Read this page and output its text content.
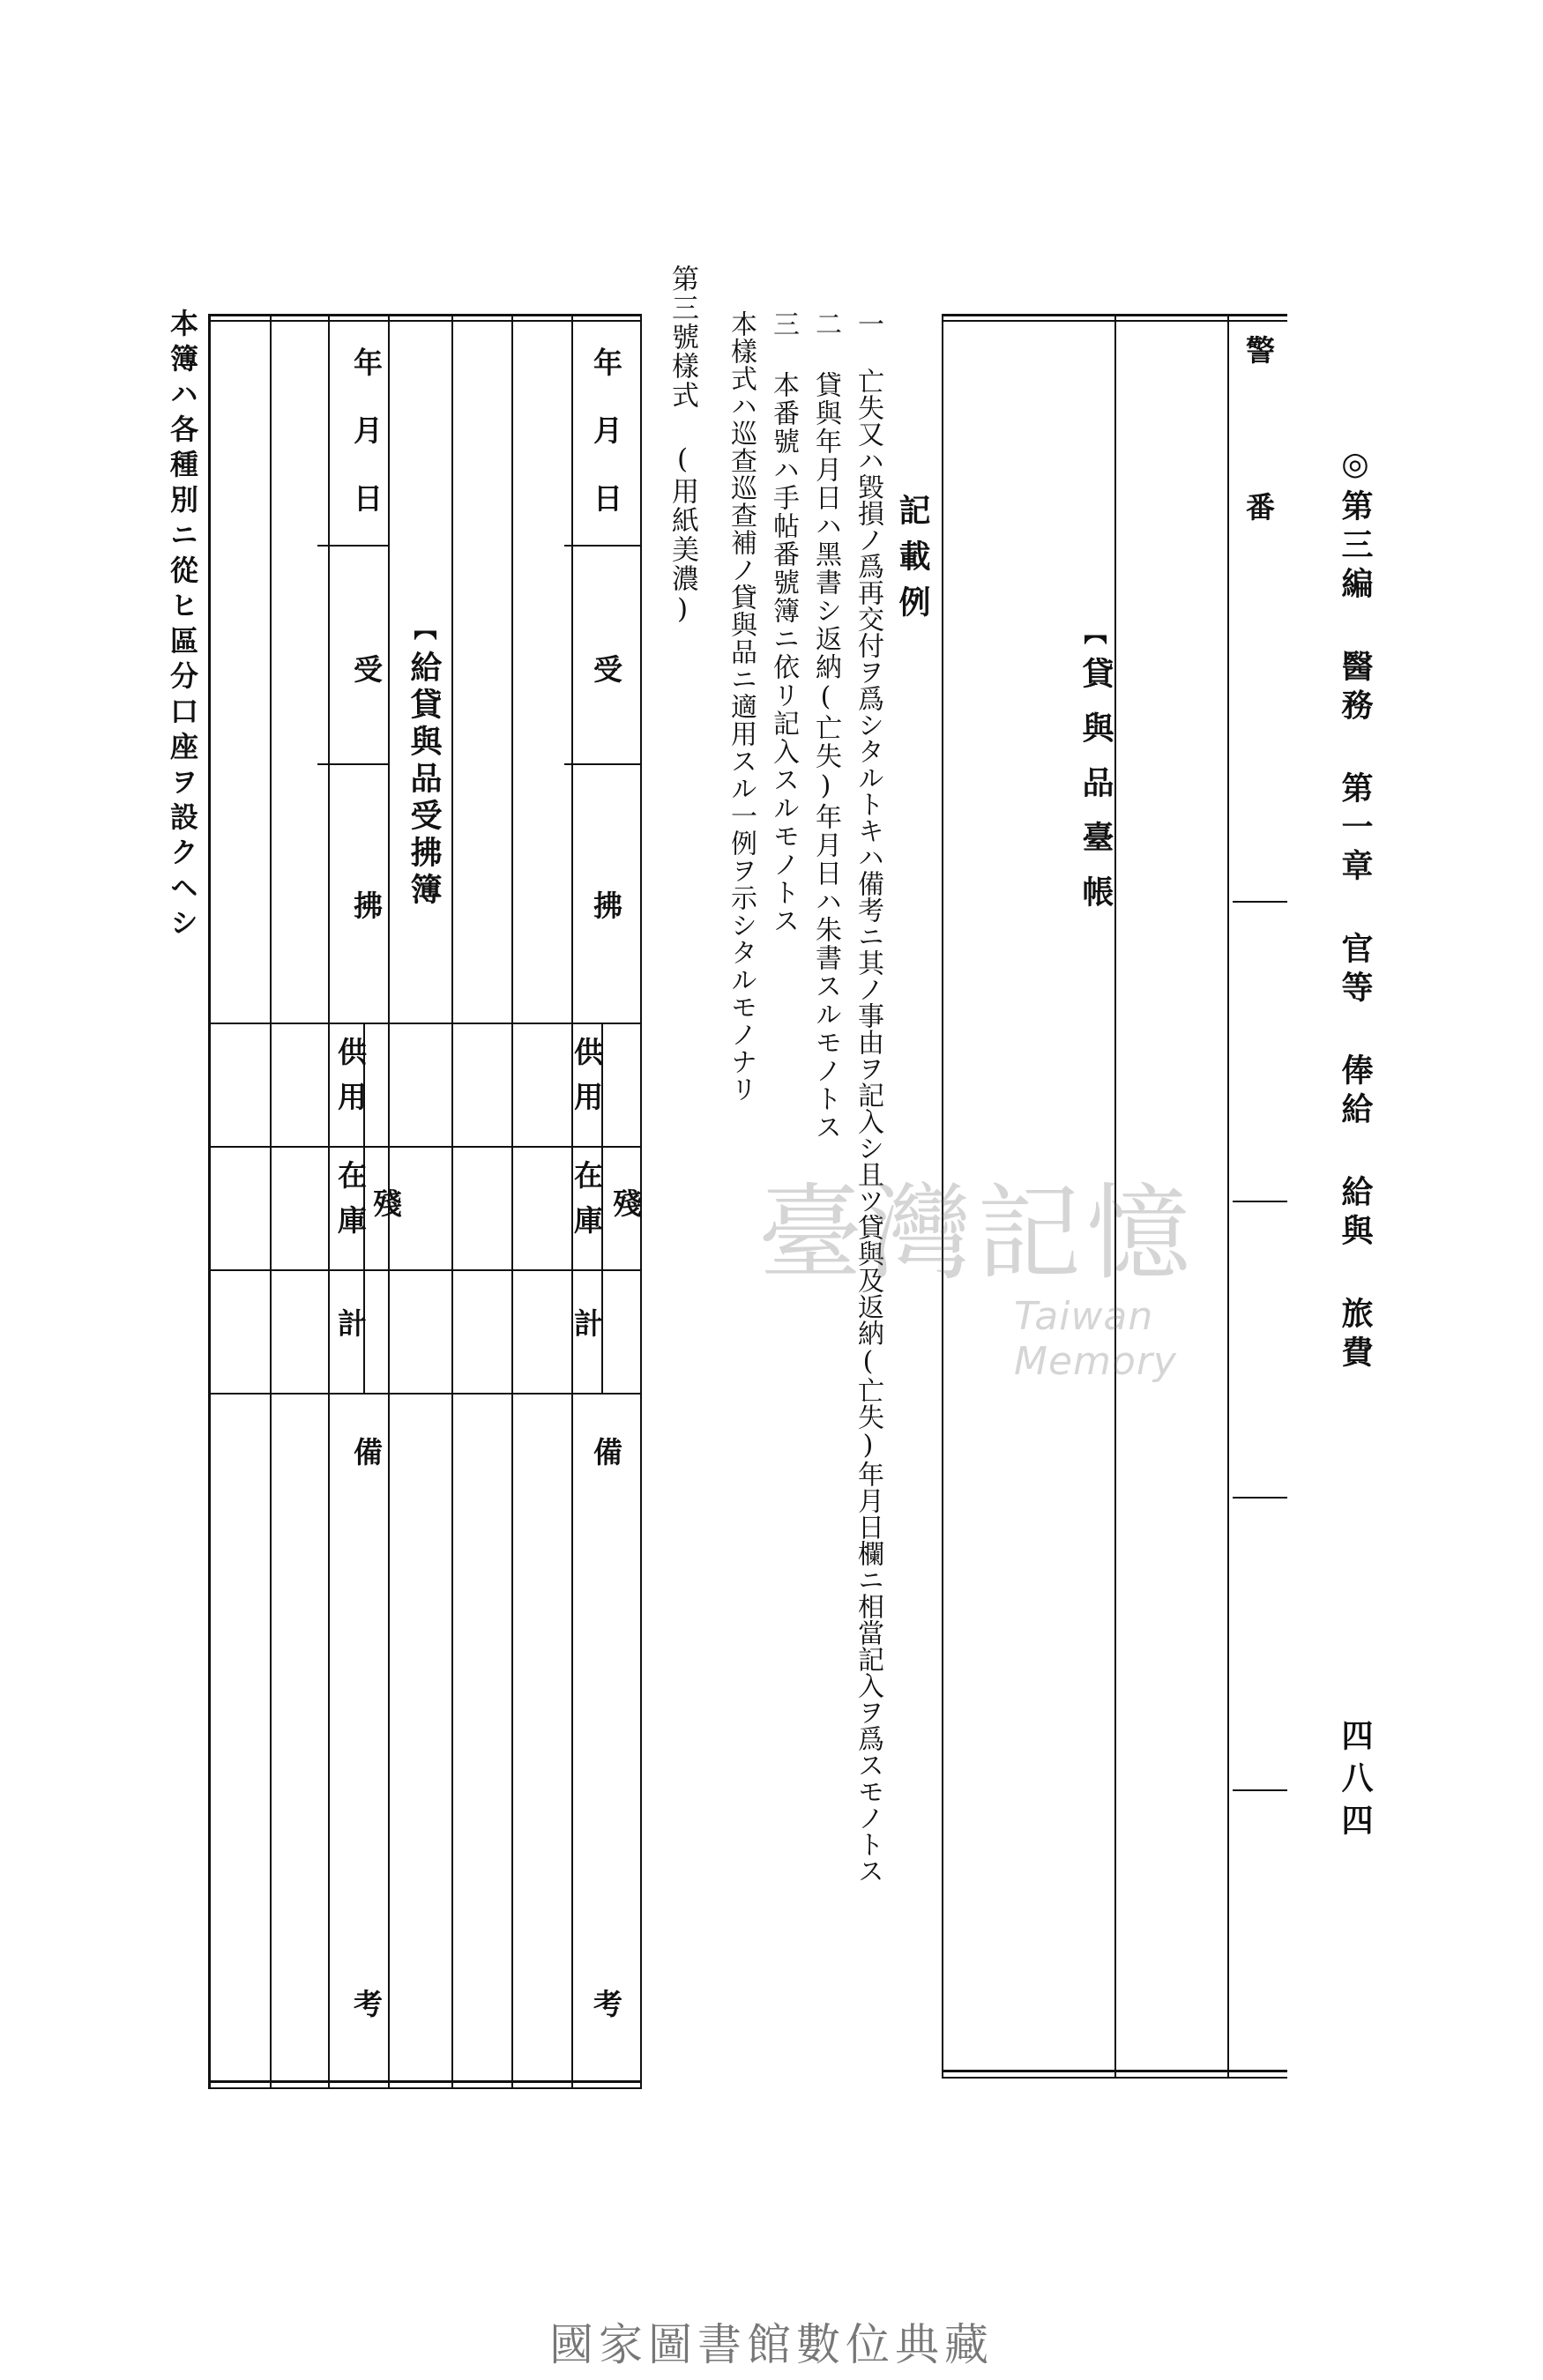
◎第三編 醫務 第一章 官等 俸給 給與 旅費
四八四
警
番
︻
貸與品臺帳
記載例
一 亡失又ハ毀損ノ爲再交付ヲ爲シタルトキハ備考ニ其ノ事由ヲ記入シ且ツ貸與及返納(亡失)年月日欄ニ相當記入ヲ爲スモノトス
二 貸與年月日ハ黑書シ返納(亡失)年月日ハ朱書スルモノトス
三 本番號ハ手帖番號簿ニ依リ記入スルモノトス
本樣式ハ巡查巡查補ノ貸與品ニ適用スル一例ヲ示シタルモノナリ
第三號樣式 (用紙美濃)
年月日
受
拂
供用
在庫
計
殘
備
考
︻
給貸與品受拂簿
年月日
受
拂
供用
在庫
計
殘
備
考
本簿ハ各種別ニ從ヒ區分口座ヲ設クヘシ
臺灣記憶
Taiwan Memory
國家圖書館數位典藏
